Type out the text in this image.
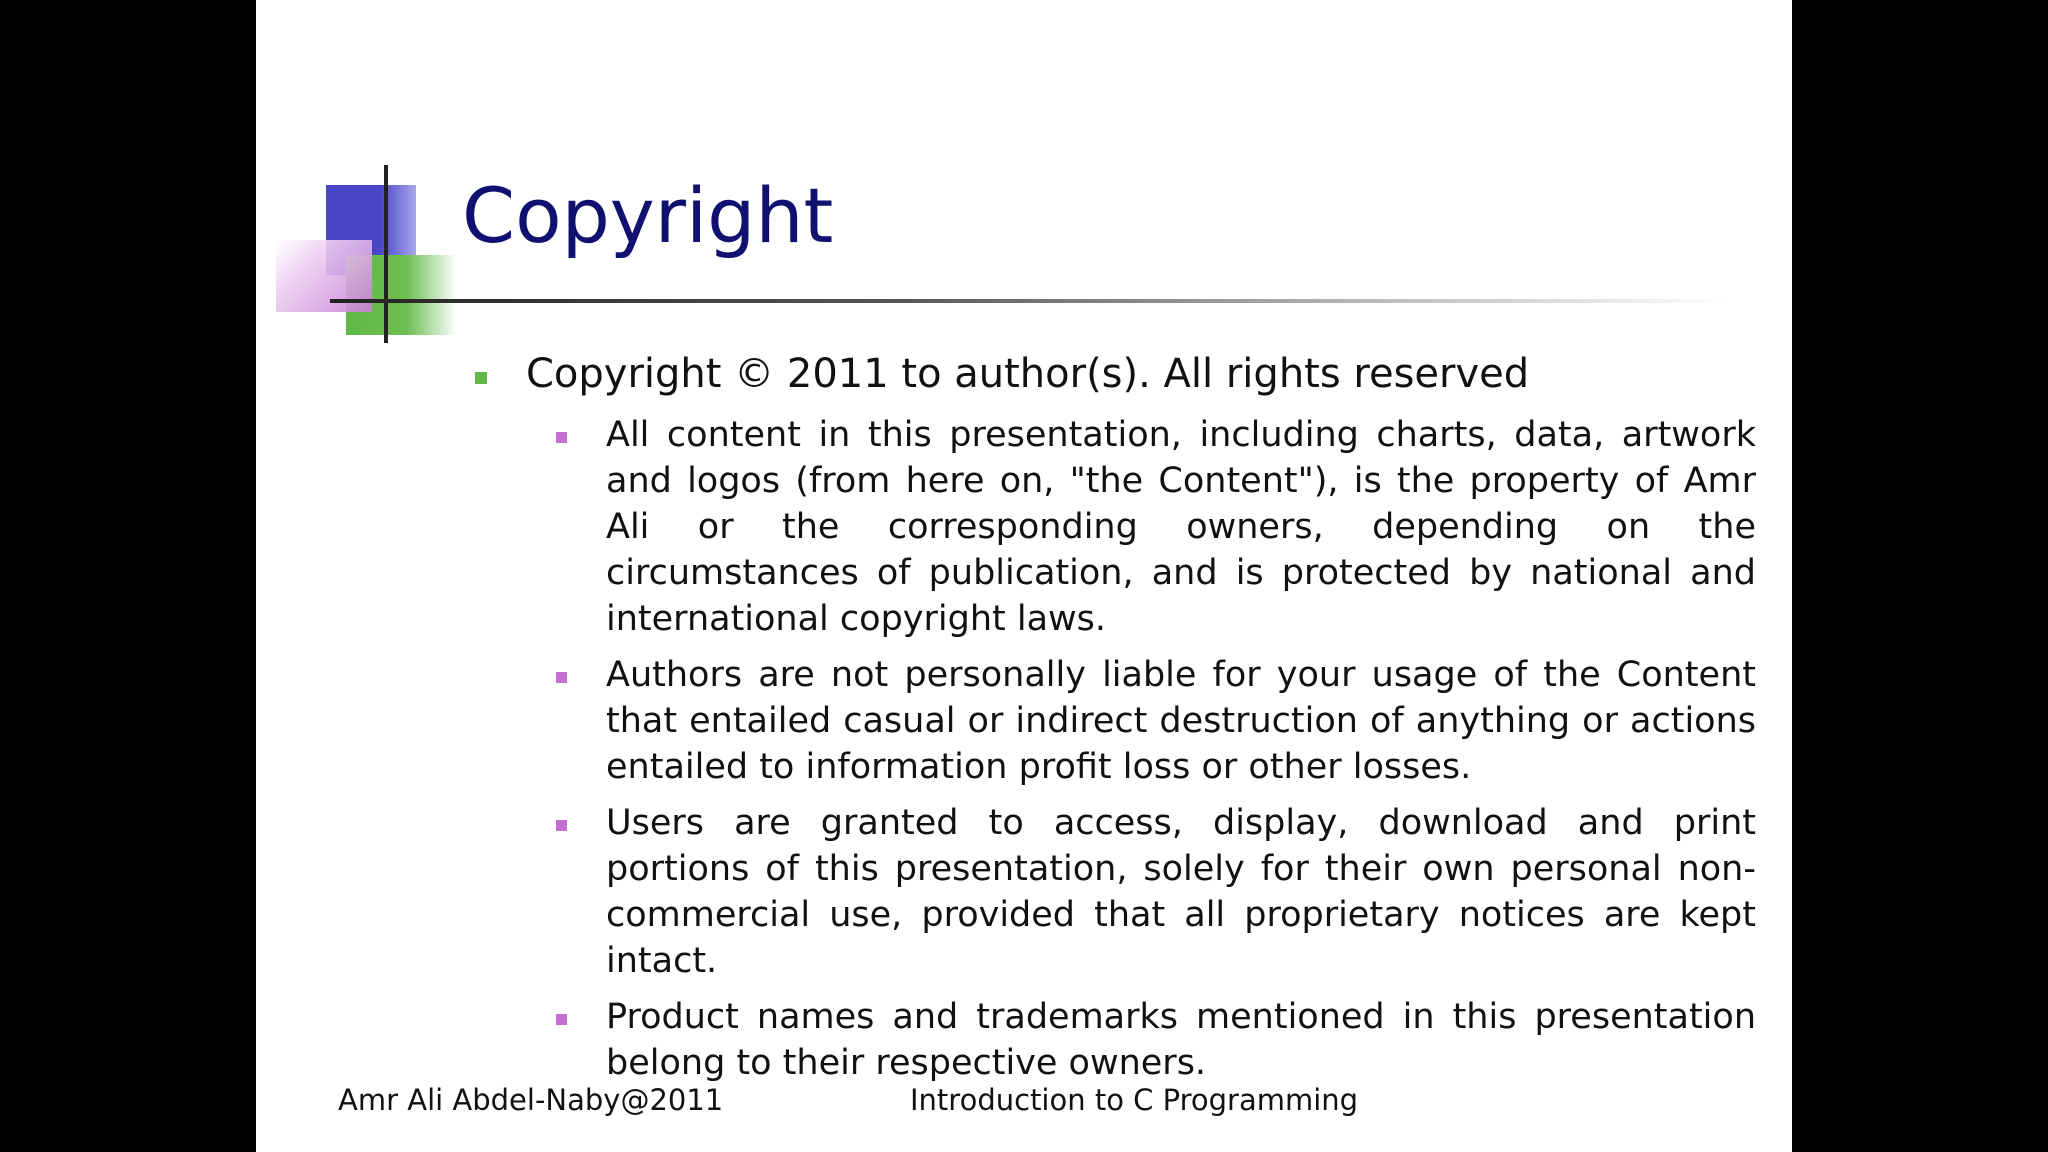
Copyright
Copyright © 2011 to author(s). All rights reserved
All content in this presentation, including charts, data, artwork and logos (from here on, "the Content"), is the property of Amr Ali or the corresponding owners, depending on the circumstances of publication, and is protected by national and international copyright laws.
Authors are not personally liable for your usage of the Content that entailed casual or indirect destruction of anything or actions entailed to information profit loss or other losses.
Users are granted to access, display, download and print portions of this presentation, solely for their own personal non-commercial use, provided that all proprietary notices are kept intact.
Product names and trademarks mentioned in this presentation belong to their respective owners.
Amr Ali Abdel-Naby@2011	Introduction to C Programming
